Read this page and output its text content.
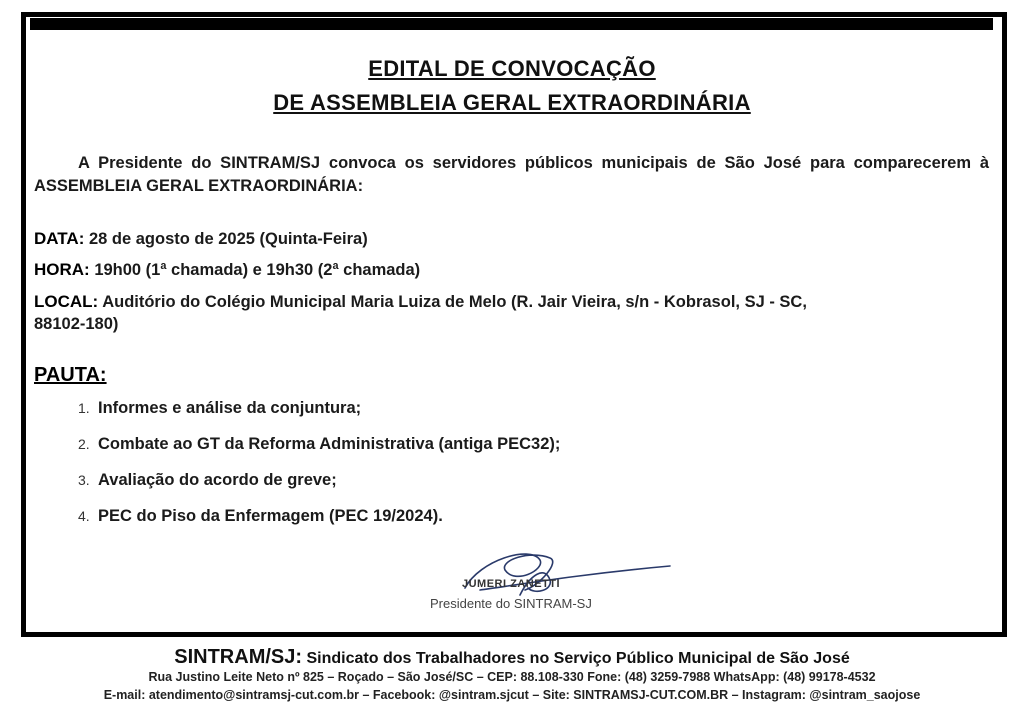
EDITAL DE CONVOCAÇÃO
DE ASSEMBLEIA GERAL EXTRAORDINÁRIA
A Presidente do SINTRAM/SJ convoca os servidores públicos municipais de São José para comparecerem à ASSEMBLEIA GERAL EXTRAORDINÁRIA:
DATA: 28 de agosto de 2025 (Quinta-Feira)
HORA: 19h00 (1ª chamada) e 19h30 (2ª chamada)
LOCAL: Auditório do Colégio Municipal Maria Luiza de Melo (R. Jair Vieira, s/n - Kobrasol, SJ - SC,
88102-180)
PAUTA:
1. Informes e análise da conjuntura;
2. Combate ao GT da Reforma Administrativa (antiga PEC32);
3. Avaliação do acordo de greve;
4. PEC do Piso da Enfermagem (PEC 19/2024).
JUMERI ZANETTI
Presidente do SINTRAM-SJ
SINTRAM/SJ: Sindicato dos Trabalhadores no Serviço Público Municipal de São José
Rua Justino Leite Neto nº 825 – Roçado – São José/SC – CEP: 88.108-330 Fone: (48) 3259-7988 WhatsApp: (48) 99178-4532
E-mail: atendimento@sintramsj-cut.com.br – Facebook: @sintram.sjcut – Site: SINTRAMSJ-CUT.COM.BR – Instagram: @sintram_saojose
